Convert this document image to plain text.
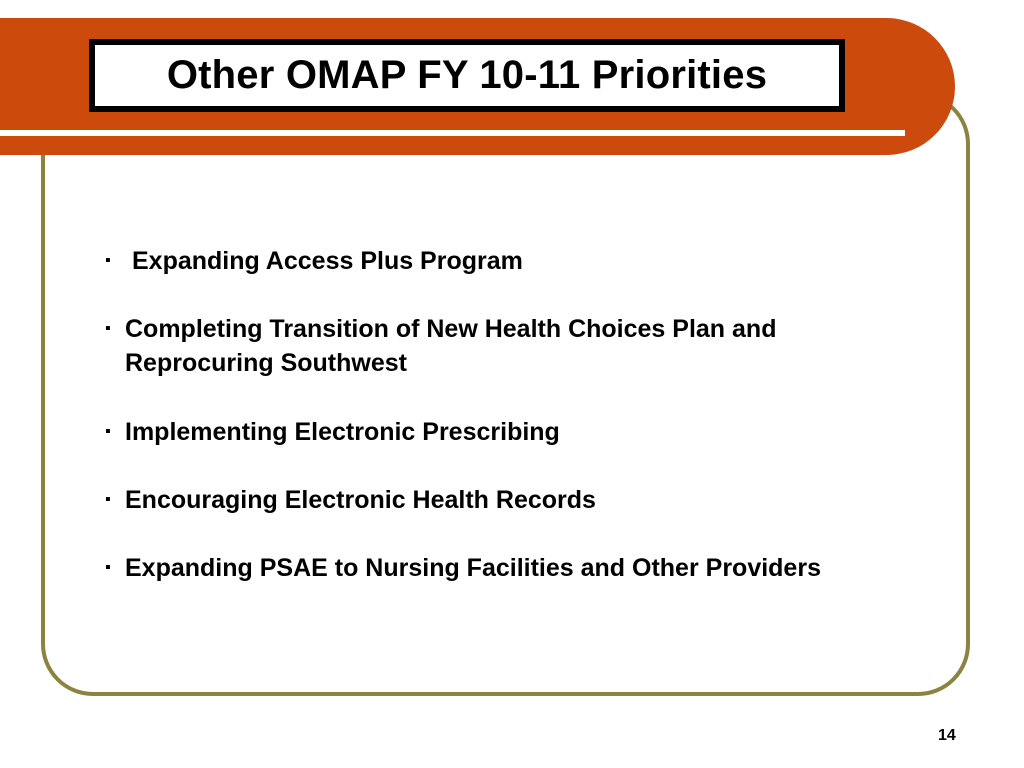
Other OMAP FY 10-11 Priorities
▪ Expanding Access Plus Program
▪ Completing Transition of New Health Choices Plan and Reprocuring Southwest
▪ Implementing Electronic Prescribing
▪ Encouraging Electronic Health Records
▪ Expanding PSAE to Nursing Facilities and Other Providers
14
